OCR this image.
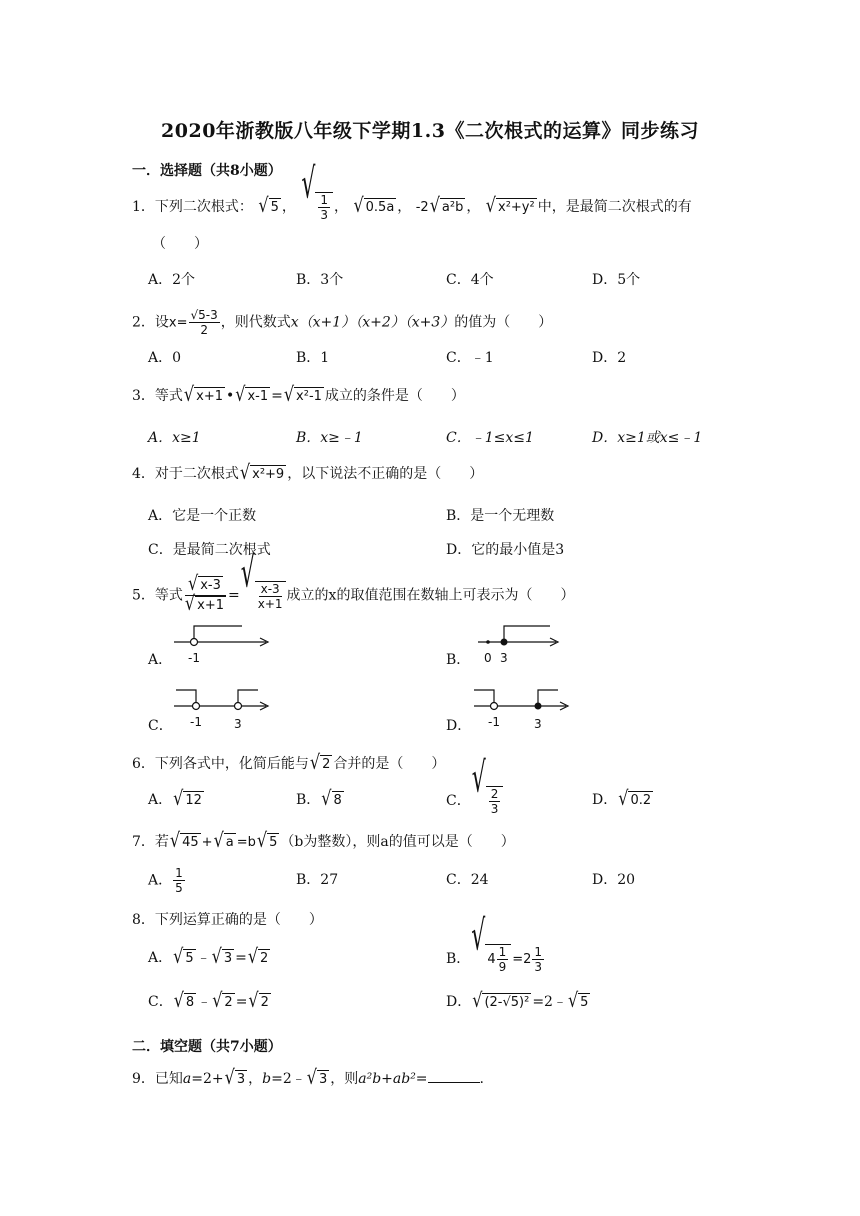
2020年浙教版八年级下学期1.3《二次根式的运算》同步练习
一．选择题（共8小题）
1．下列二次根式： √ 5 ， √ $\frac{1}{3}$ ， √ 0.5a ， -2 √ a²b ， √ x²+y² 中，是最简二次根式的有
（　　）
A．2个	B．3个	C．4个	D．5个
2．设$x= \frac{√5-3}{2}$ ，则代数式x（x+1）（x+2）（x+3）的值为（　　）
A．0	B．1	C．﹣1	D．2
3．等式 √ x+1 • √ x-1 = √ x²-1 成立的条件是（　　）
A．x≥1	B．x≥﹣1	C．﹣1≤x≤1	D．x≥1或x≤﹣1
4．对于二次根式 √ x²+9 ，以下说法不正确的是（　　）
A．它是一个正数	B．是一个无理数
C．是最简二次根式	D．它的最小值是3
5．等式 $\frac{√ x-3}{√ x+1}$ = √ $\frac{x-3}{x+1}$ 成立的x的取值范围在数轴上可表示为（　　）
A． -1	B． 0 3
C． -1	3	D． -1	3
6．下列各式中，化简后能与 √ 2 合并的是（　　）
A． √ 12	B． √ 8	C． √ $\frac{2}{3}$	D． √ 0.2
7．若 √ 45 + √ a =b √ 5 （b为整数），则a的值可以是（　　）
A． $\frac{1}{5}$	B．27	C．24	D．20
8．下列运算正确的是（　　）
A． √ 5 ﹣ √ 3 = √ 2	B． √ $4 \frac{1}{9} =2 \frac{1}{3}$
C． √ 8 ﹣ √ 2 = √ 2	D． √ (2-√5)² =2﹣ √ 5
二．填空题（共7小题）
9．已知a=2+ √ 3 ，b=2﹣ √ 3 ，则a²b+ab²=	.
